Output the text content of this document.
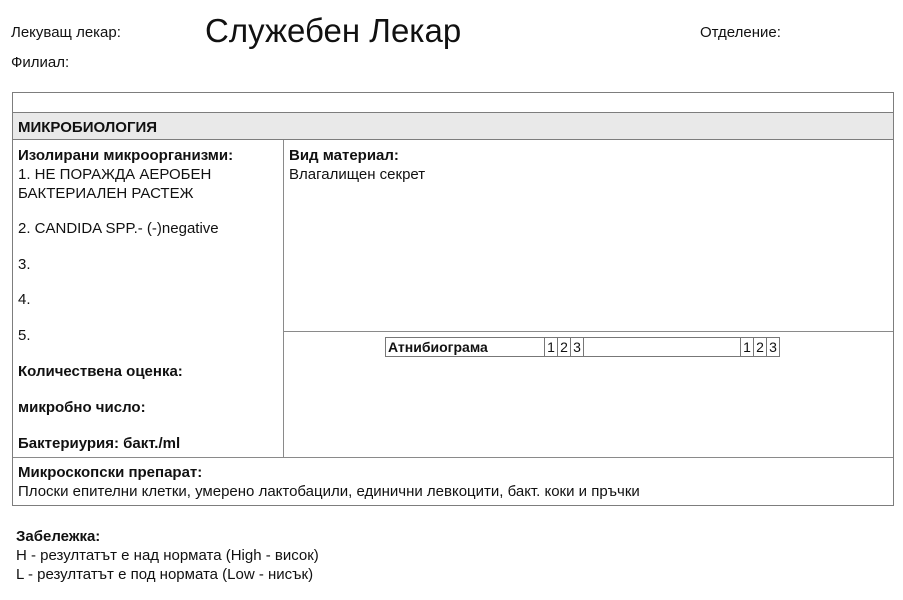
Лекуващ лекар:	Служебен Лекар	Отделение:
Филиал:
МИКРОБИОЛОГИЯ
Изолирани микроорганизми:
1. НЕ ПОРАЖДА АЕРОБЕН
БАКТЕРИАЛЕН РАСТЕЖ
2. CANDIDA SPP.- (-)negative
3.
4.
5.
Количествена оценка:
микробно число:
Бактериурия: бакт./ml
Вид материал:
Влагалищен секрет
Атнибиограма	1	2	3		1	2	3
Микроскопски препарат:
Плоски епителни клетки, умерено лактобацили, единични левкоцити, бакт. коки и пръчки
Забележка:
H - резултатът е над нормата (High - висок)
L - резултатът е под нормата (Low - нисък)
